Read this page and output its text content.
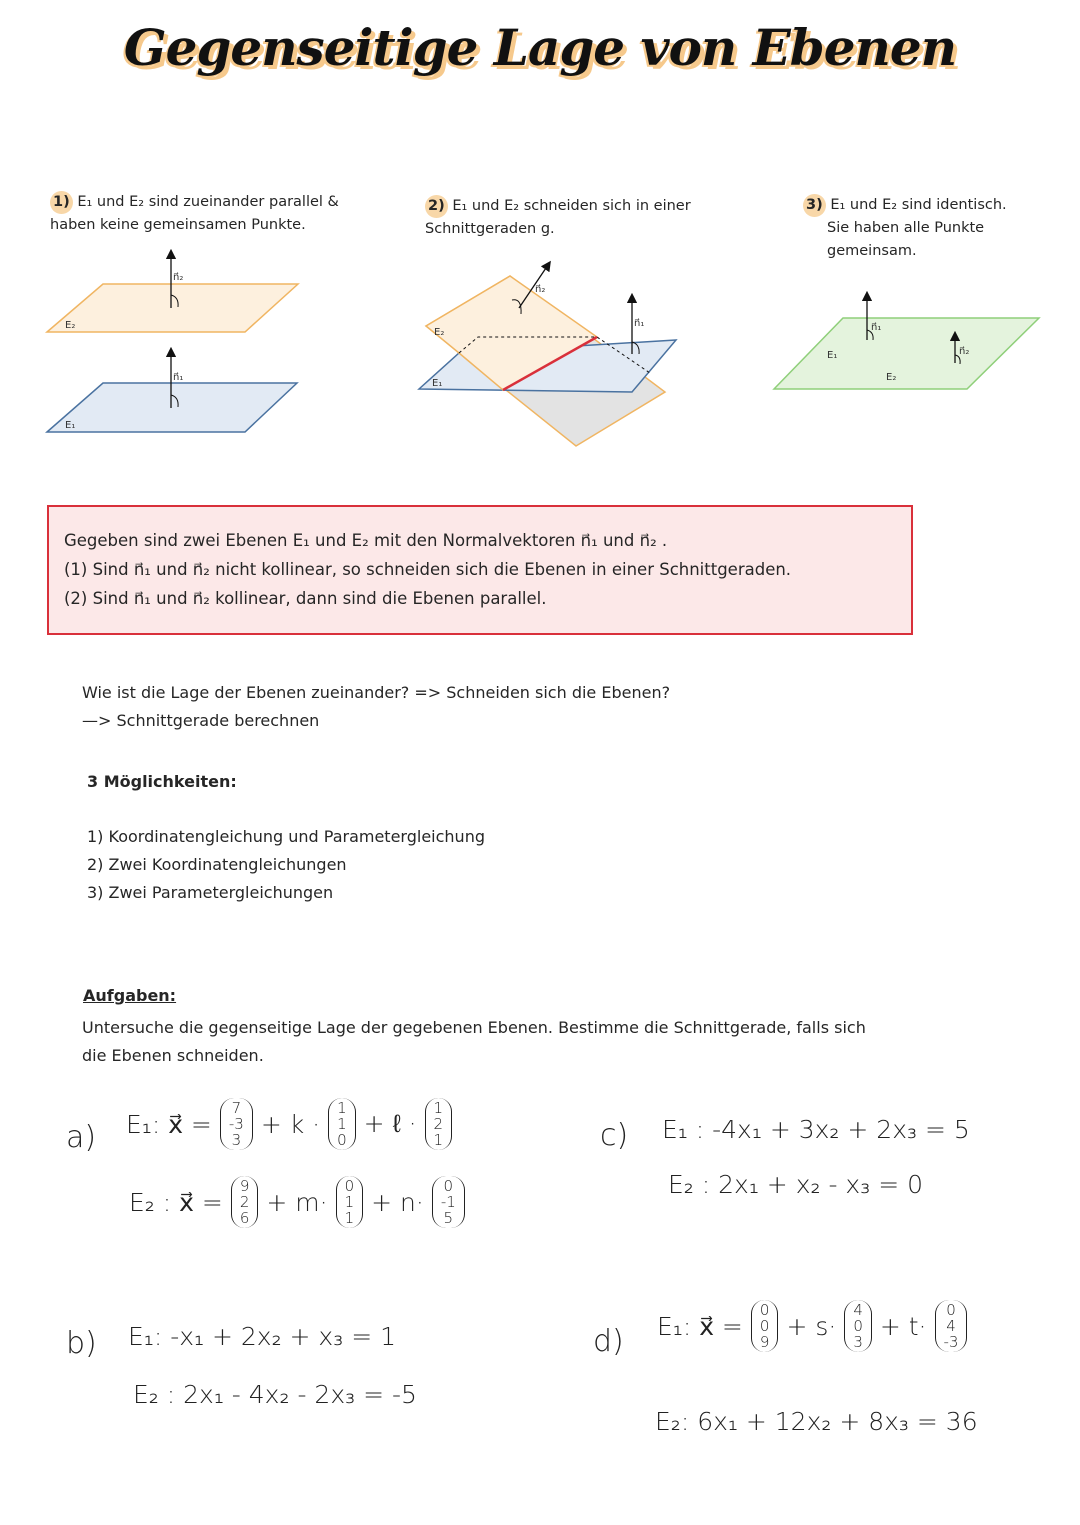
Gegenseitige Lage von Ebenen
1) E₁ und E₂ sind zueinander parallel &
haben keine gemeinsamen Punkte.
2) E₁ und E₂ schneiden sich in einer
Schnittgeraden g.
3) E₁ und E₂ sind identisch.
Sie haben alle Punkte
gemeinsam.
n⃗₂
n⃗₁
E₂
E₁
n⃗₂
n⃗₁
E₂
E₁
n⃗₁
n⃗₂
E₁
E₂
Gegeben sind zwei Ebenen E₁ und E₂ mit den Normalvektoren n⃗₁ und n⃗₂ .
(1) Sind n⃗₁ und n⃗₂ nicht kollinear, so schneiden sich die Ebenen in einer Schnittgeraden.
(2) Sind n⃗₁ und n⃗₂ kollinear, dann sind die Ebenen parallel.
Wie ist die Lage der Ebenen zueinander? => Schneiden sich die Ebenen?
—> Schnittgerade berechnen
3 Möglichkeiten:
1) Koordinatengleichung und Parametergleichung
2) Zwei Koordinatengleichungen
3) Zwei Parametergleichungen
Aufgaben:
Untersuche die gegenseitige Lage der gegebenen Ebenen. Bestimme die Schnittgerade, falls sich
die Ebenen schneiden.
a) E₁: x⃗ =
7
-3
3
+ k ·
1
1
0
+ ℓ ·
1
2
1
E₂ : x⃗ =
9
2
6
+ m·
0
1
1
+ n·
0
-1
5
b) E₁: -x₁ + 2x₂ + x₃ = 1
E₂ : 2x₁ - 4x₂ - 2x₃ = -5
c) E₁ : -4x₁ + 3x₂ + 2x₃ = 5
E₂ : 2x₁ + x₂ - x₃ = 0
d) E₁: x⃗ =
0
0
9
+ s·
4
0
3
+ t·
0
4
-3
E₂: 6x₁ + 12x₂ + 8x₃ = 36
